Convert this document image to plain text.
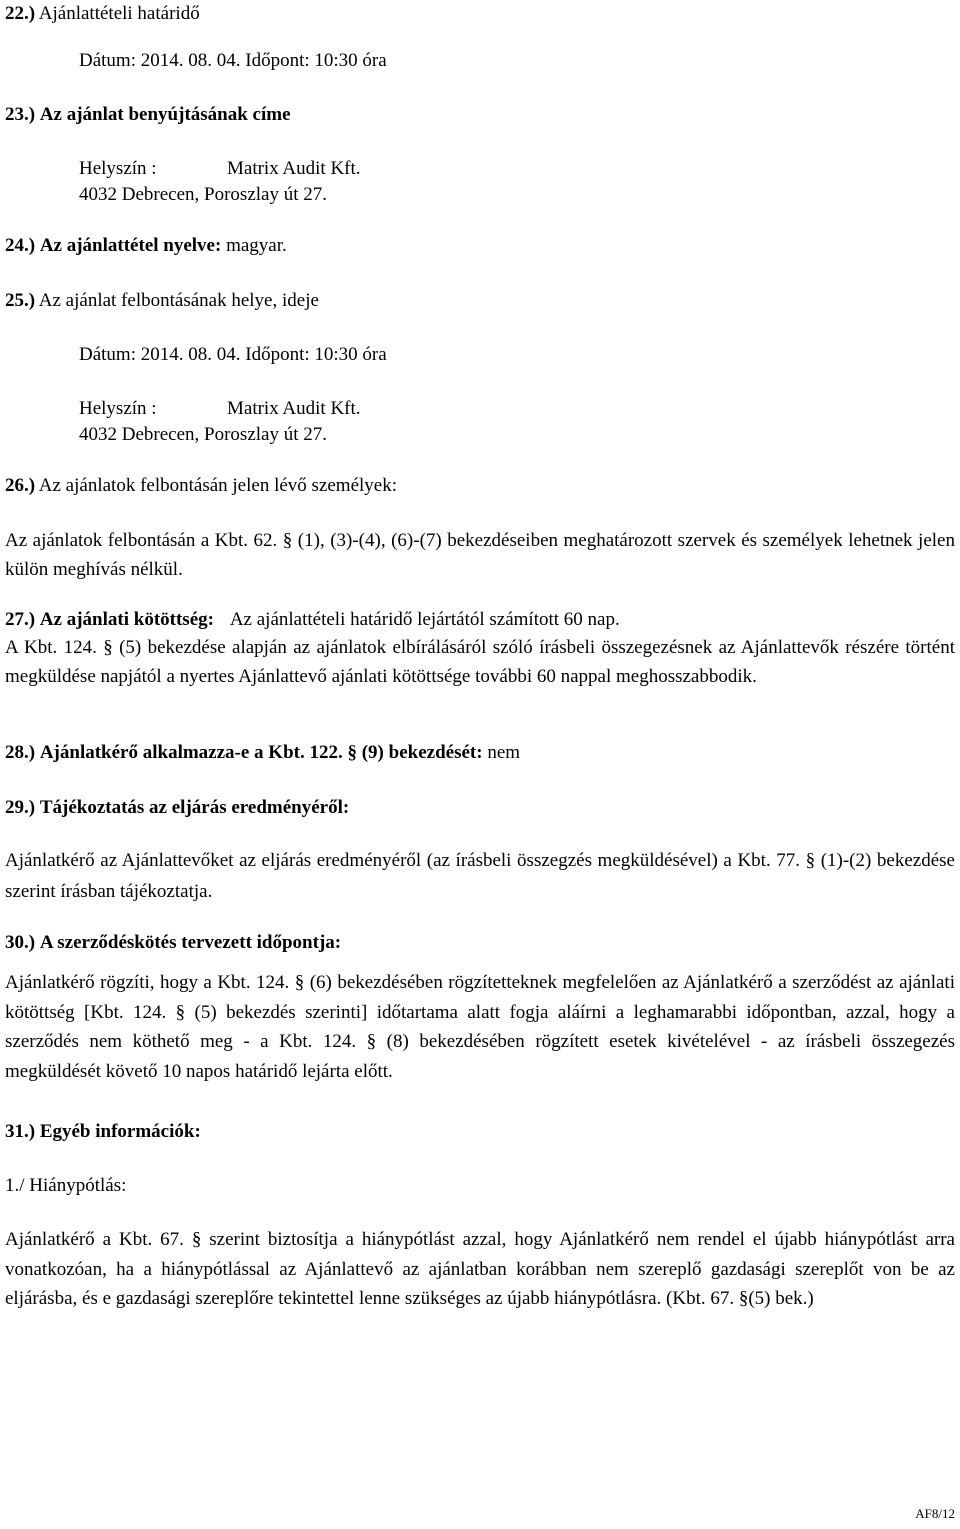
22.) Ajánlattételi határidő
Dátum: 2014. 08. 04. Időpont: 10:30 óra
23.) Az ajánlat benyújtásának címe
Helyszín :	Matrix Audit Kft.
4032 Debrecen, Poroszlay út 27.
24.) Az ajánlattétel nyelve: magyar.
25.) Az ajánlat felbontásának helye, ideje
Dátum: 2014. 08. 04. Időpont: 10:30 óra
Helyszín :	Matrix Audit Kft.
4032 Debrecen, Poroszlay út 27.
26.) Az ajánlatok felbontásán jelen lévő személyek:
Az ajánlatok felbontásán a Kbt. 62. § (1), (3)-(4), (6)-(7) bekezdéseiben meghatározott szervek és személyek lehetnek jelen külön meghívás nélkül.
27.) Az ajánlati kötöttség: Az ajánlattételi határidő lejártától számított 60 nap.
A Kbt. 124. § (5) bekezdése alapján az ajánlatok elbírálásáról szóló írásbeli összegezésnek az Ajánlattevők részére történt megküldése napjától a nyertes Ajánlattevő ajánlati kötöttsége további 60 nappal meghosszabbodik.
28.) Ajánlatkérő alkalmazza-e a Kbt. 122. § (9) bekezdését: nem
29.) Tájékoztatás az eljárás eredményéről:
Ajánlatkérő az Ajánlattevőket az eljárás eredményéről (az írásbeli összegzés megküldésével) a Kbt. 77. § (1)-(2) bekezdése szerint írásban tájékoztatja.
30.) A szerződéskötés tervezett időpontja:
Ajánlatkérő rögzíti, hogy a Kbt. 124. § (6) bekezdésében rögzítetteknek megfelelően az Ajánlatkérő a szerződést az ajánlati kötöttség [Kbt. 124. § (5) bekezdés szerinti] időtartama alatt fogja aláírni a leghamarabbi időpontban, azzal, hogy a szerződés nem köthető meg - a Kbt. 124. § (8) bekezdésében rögzített esetek kivételével - az írásbeli összegezés megküldését követő 10 napos határidő lejárta előtt.
31.) Egyéb információk:
1./ Hiánypótlás:
Ajánlatkérő a Kbt. 67. § szerint biztosítja a hiánypótlást azzal, hogy Ajánlatkérő nem rendel el újabb hiánypótlást arra vonatkozóan, ha a hiánypótlással az Ajánlattevő az ajánlatban korábban nem szereplő gazdasági szereplőt von be az eljárásba, és e gazdasági szereplőre tekintettel lenne szükséges az újabb hiánypótlásra. (Kbt. 67. §(5) bek.)
AF8/12
